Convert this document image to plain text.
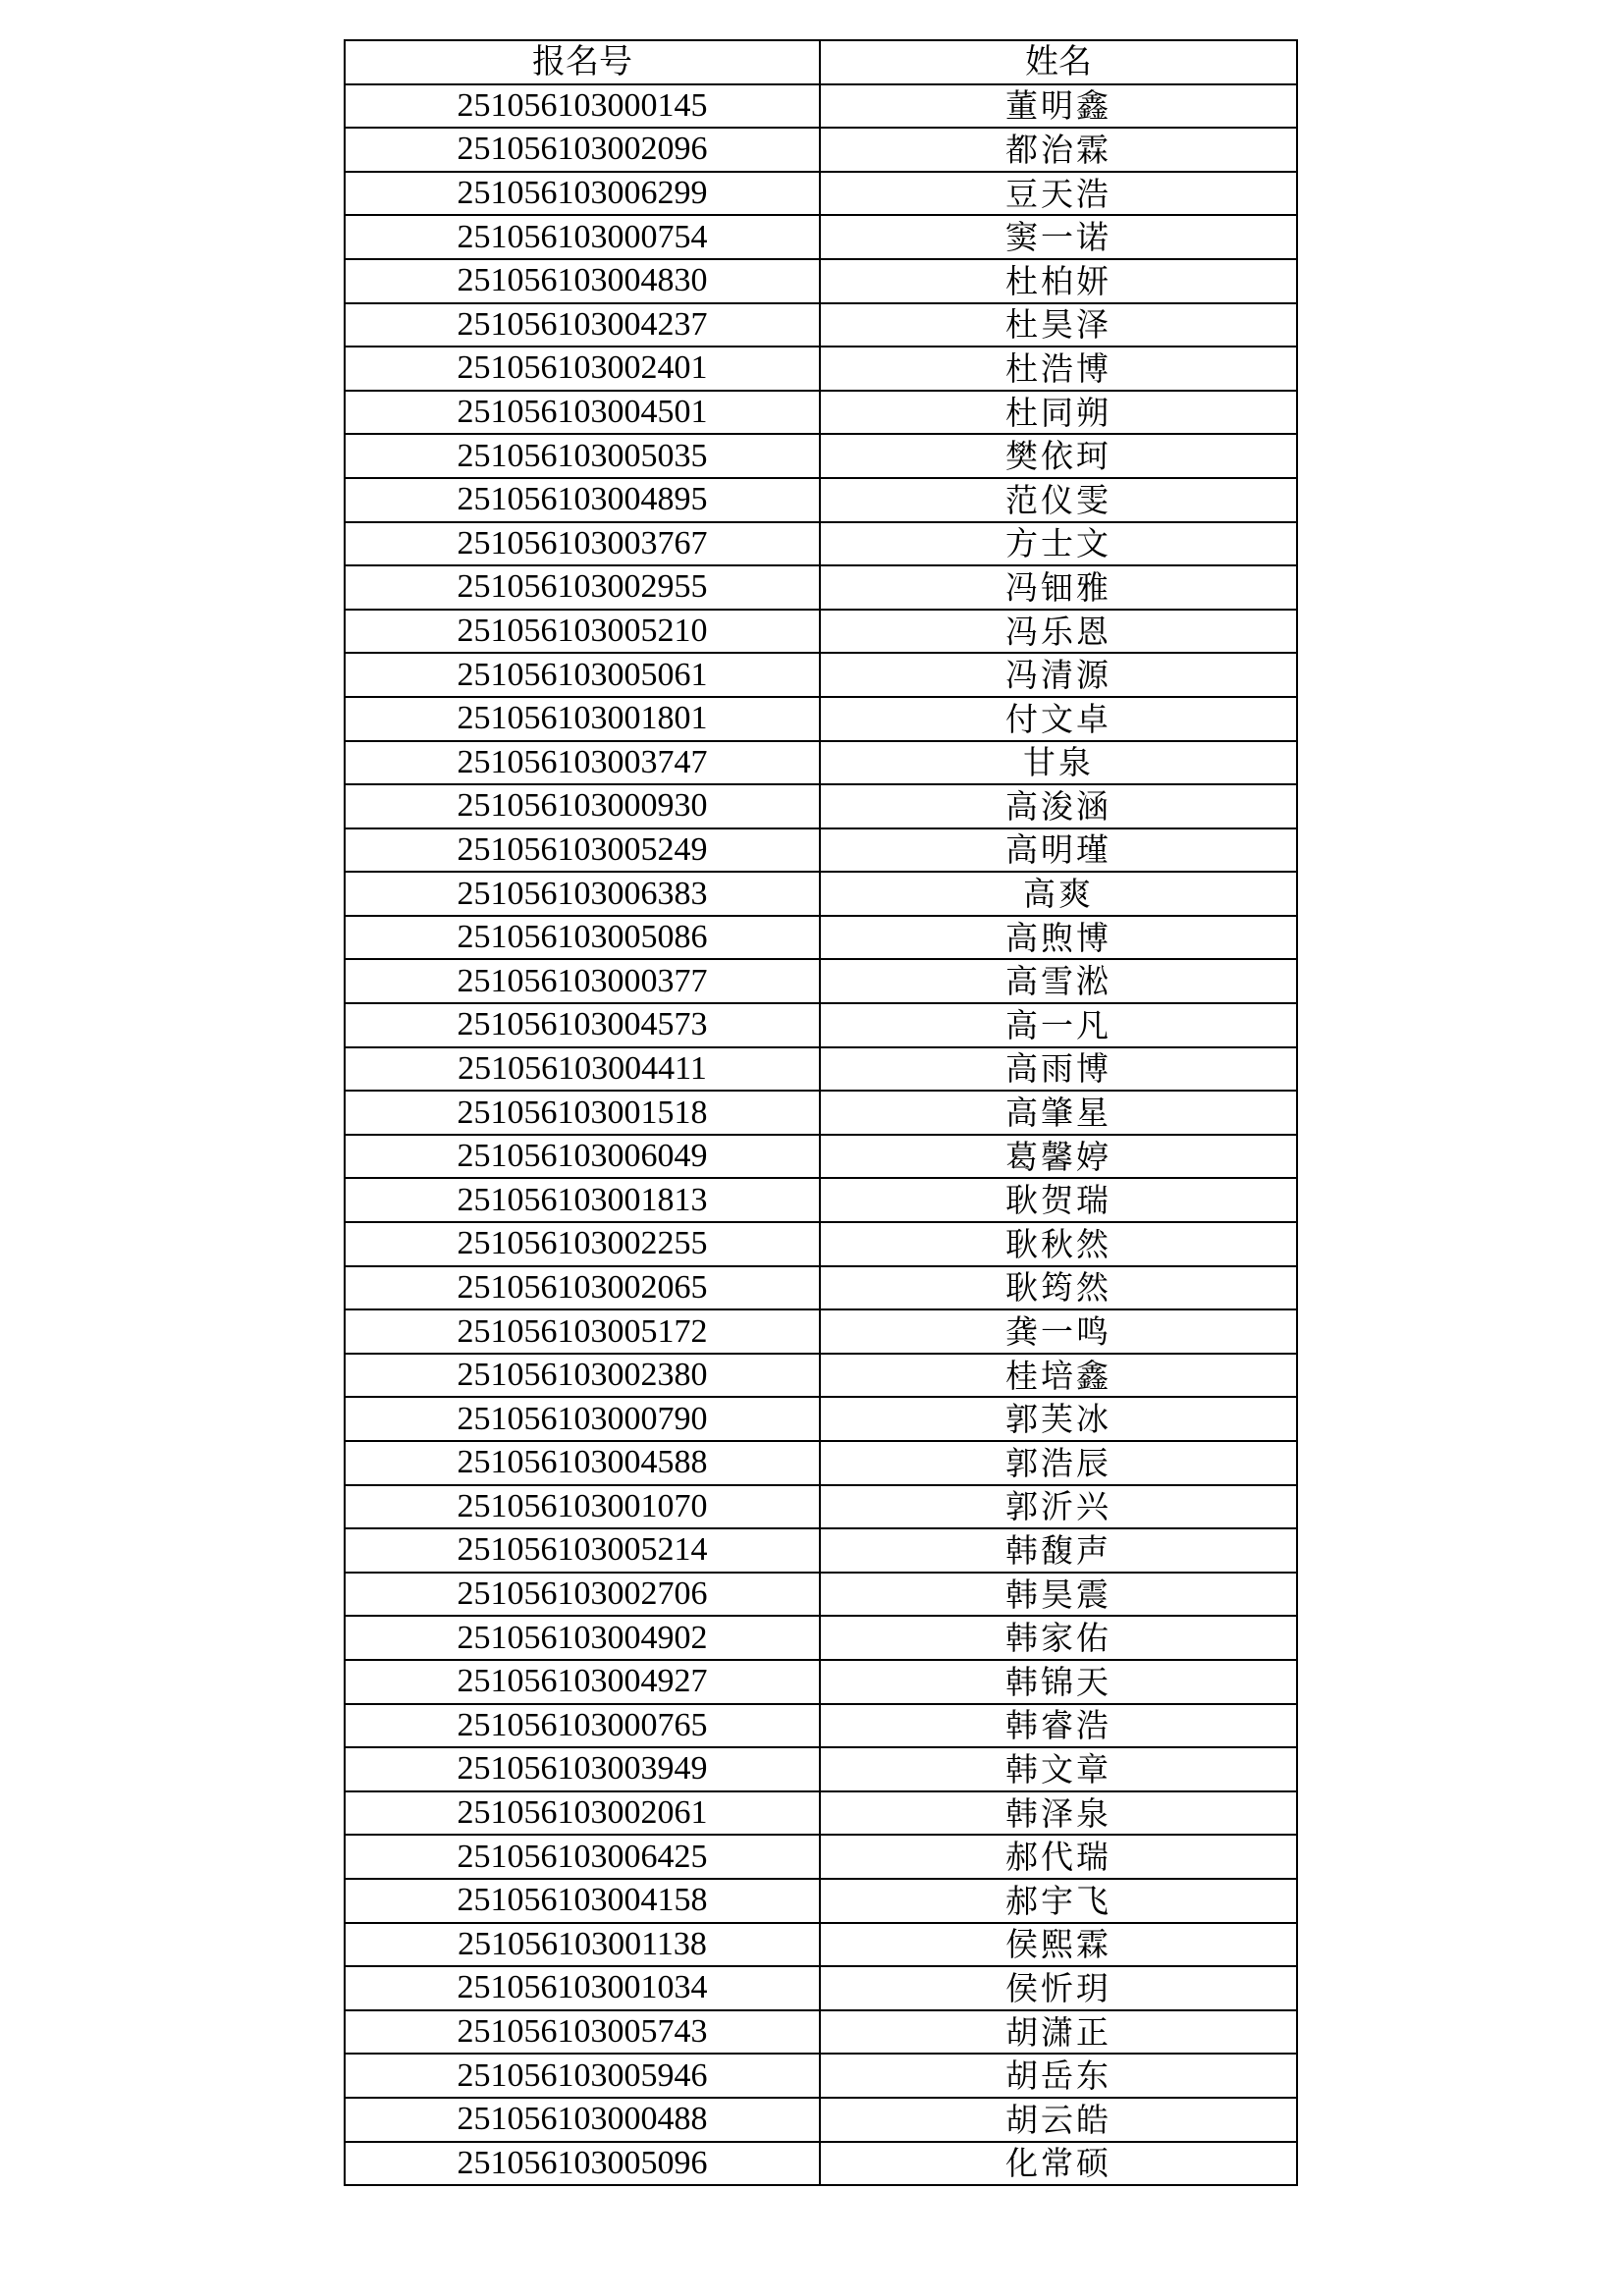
报名号	姓名
251056103000145	董明鑫
251056103002096	都治霖
251056103006299	豆天浩
251056103000754	窦一诺
251056103004830	杜柏妍
251056103004237	杜昊泽
251056103002401	杜浩博
251056103004501	杜同朔
251056103005035	樊依珂
251056103004895	范仪雯
251056103003767	方士文
251056103002955	冯钿雅
251056103005210	冯乐恩
251056103005061	冯清源
251056103001801	付文卓
251056103003747	甘泉
251056103000930	高浚涵
251056103005249	高明瑾
251056103006383	高爽
251056103005086	高煦博
251056103000377	高雪淞
251056103004573	高一凡
251056103004411	高雨博
251056103001518	高肇星
251056103006049	葛馨婷
251056103001813	耿贺瑞
251056103002255	耿秋然
251056103002065	耿筠然
251056103005172	龚一鸣
251056103002380	桂培鑫
251056103000790	郭芙冰
251056103004588	郭浩辰
251056103001070	郭沂兴
251056103005214	韩馥声
251056103002706	韩昊震
251056103004902	韩家佑
251056103004927	韩锦天
251056103000765	韩睿浩
251056103003949	韩文章
251056103002061	韩泽泉
251056103006425	郝代瑞
251056103004158	郝宇飞
251056103001138	侯熙霖
251056103001034	侯忻玥
251056103005743	胡潇正
251056103005946	胡岳东
251056103000488	胡云皓
251056103005096	化常硕
